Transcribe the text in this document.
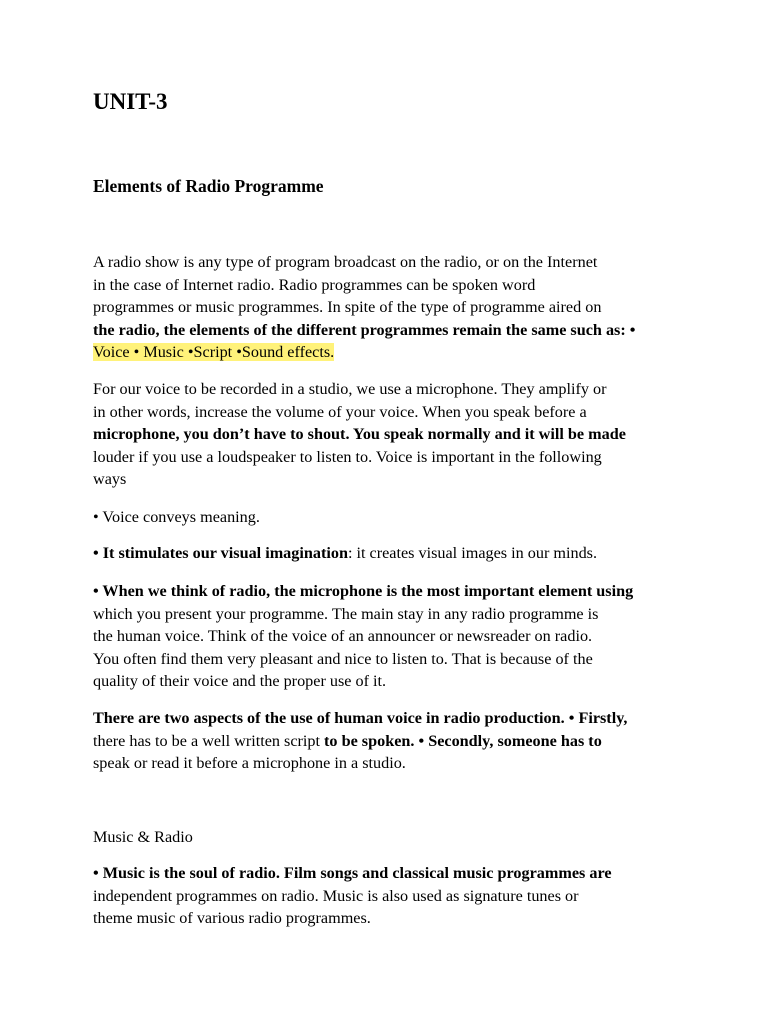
UNIT-3
Elements of Radio Programme

A radio show is any type of program broadcast on the radio, or on the Internet
in the case of Internet radio. Radio programmes can be spoken word
programmes or music programmes. In spite of the type of programme aired on
the radio, the elements of the different programmes remain the same such as: •
Voice • Music •Script •Sound effects.

For our voice to be recorded in a studio, we use a microphone. They amplify or
in other words, increase the volume of your voice. When you speak before a
microphone, you don’t have to shout. You speak normally and it will be made
louder if you use a loudspeaker to listen to. Voice is important in the following
ways

• Voice conveys meaning.

• It stimulates our visual imagination: it creates visual images in our minds.

• When we think of radio, the microphone is the most important element using
which you present your programme. The main stay in any radio programme is
the human voice. Think of the voice of an announcer or newsreader on radio.
You often find them very pleasant and nice to listen to. That is because of the
quality of their voice and the proper use of it.

There are two aspects of the use of human voice in radio production. • Firstly,
there has to be a well written script to be spoken. • Secondly, someone has to
speak or read it before a microphone in a studio.

Music & Radio

• Music is the soul of radio. Film songs and classical music programmes are
independent programmes on radio. Music is also used as signature tunes or
theme music of various radio programmes.
